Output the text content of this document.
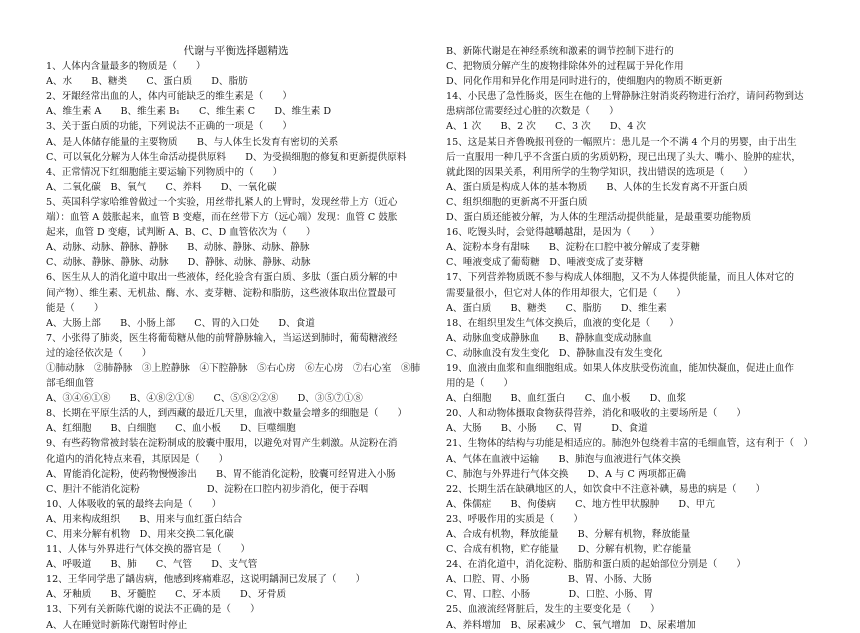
代谢与平衡选择题精选

1、人体内含量最多的物质是（　　）

A、水　　B、糖类　　C、蛋白质　　D、脂肪

2、牙龈经常出血的人，体内可能缺乏的维生素是（　　）

A、维生素 A　　B、维生素 B₁　　C、维生素 C　　D、维生素 D

3、关于蛋白质的功能，下列说法不正确的一项是（　　）

A、是人体储存能量的主要物质　　B、与人体生长发育有密切的关系

C、可以氧化分解为人体生命活动提供原料　　D、为受损细胞的修复和更新提供原料

4、正常情况下红细胞能主要运输下列物质中的（　　）

A、二氧化碳　B、氧气　　C、养料　　D、一氧化碳

5、英国科学家哈维曾做过一个实验，用丝带扎紧人的上臂时，发现丝带上方（近心

端）：血管 A 鼓胀起来，血管 B 变瘪，而在丝带下方（远心端）发现：血管 C 鼓胀

起来，血管 D 变瘪，试判断 A、B、C、D 血管依次为（　　）

A、动脉、动脉、静脉、静脉　　B、动脉、静脉、动脉、静脉

C、动脉、静脉、静脉、动脉　　D、静脉、动脉、静脉、动脉

6、医生从人的消化道中取出一些液体，经化验含有蛋白质、多肽（蛋白质分解的中

间产物）、维生素、无机盐、酶、水、麦芽糖、淀粉和脂肪，这些液体取出位置最可

能是（　　）

A、大肠上部　　B、小肠上部　　C、胃的入口处　　D、食道

7、小张得了肺炎，医生将葡萄糖从他的前臂静脉输入，当运送到肺时，葡萄糖液经

过的途径依次是（　　）

①肺动脉　②肺静脉　③上腔静脉　④下腔静脉　⑤右心房　⑥左心房　⑦右心室　⑧肺

部毛细血管

A、③④⑥①⑧　　B、④⑧②①⑧　　C、⑤⑧②②⑧　　D、③⑤⑦①⑧

8、长期在平原生活的人，到西藏的最近几天里，血液中数量会增多的细胞是（　　）

A、红细胞　　B、白细胞　　C、血小板　　D、巨噬细胞

9、有些药物常被封装在淀粉制成的胶囊中服用，以避免对胃产生刺激。从淀粉在消

化道内的消化特点来看，其原因是（　　）

A、胃能消化淀粉，使药物慢慢渗出　　B、胃不能消化淀粉，胶囊可经胃进入小肠

C、胆汁不能消化淀粉　　　　　　　D、淀粉在口腔内初步消化，便于吞咽

10、人体吸收的氧的最终去向是（　　）

A、用来构成组织　　B、用来与血红蛋白结合

C、用来分解有机物　D、用来交换二氧化碳

11、人体与外界进行气体交换的器官是（　　）

A、呼吸道　　B、肺　　C、气管　　D、支气管

12、王华同学患了龋齿病，他感到疼痛难忍，这说明龋洞已发展了（　　）

A、牙釉质　　B、牙髓腔　　C、牙本质　　D、牙骨质

13、下列有关新陈代谢的说法不正确的是（　　）

A、人在睡觉时新陈代谢暂时停止

B、新陈代谢是在神经系统和激素的调节控制下进行的

C、把物质分解产生的废物排除体外的过程属于异化作用

D、同化作用和异化作用是同时进行的，使细胞内的物质不断更新

14、小民患了急性肠炎，医生在他的上臂静脉注射消炎药物进行治疗，请问药物到达

患病部位需要经过心脏的次数是（　　）

A、1 次　　B、2 次　　C、3 次　　D、4 次

15、这是某日齐鲁晚报刊登的一幅照片：患儿是一个不满 4 个月的男婴，由于出生

后一直服用一种几乎不含蛋白质的劣质奶粉，现已出现了头大、嘴小、脸肿的症状，

就此图的因果关系，利用所学的生物学知识，找出错误的选项是（　　）

A、蛋白质是构成人体的基本物质　　B、人体的生长发育离不开蛋白质

C、组织细胞的更新离不开蛋白质

D、蛋白质还能被分解，为人体的生理活动提供能量，是最重要功能物质

16、吃馒头时，会觉得越嚼越甜，是因为（　　）

A、淀粉本身有甜味　　B、淀粉在口腔中被分解成了麦芽糖

C、唾液变成了葡萄糖　D、唾液变成了麦芽糖

17、下列营养物质既不参与构成人体细胞，又不为人体提供能量，而且人体对它的

需要量很小，但它对人体的作用却很大，它们是（　　）

A、蛋白质　　B、糖类　　C、脂肪　　D、维生素

18、在组织里发生气体交换后，血液的变化是（　　）

A、动脉血变成静脉血　　B、静脉血变成动脉血

C、动脉血没有发生变化　D、静脉血没有发生变化

19、血液由血浆和血细胞组成。如果人体皮肤受伤流血，能加快凝血，促进止血作

用的是（　　）

A、白细胞　　B、血红蛋白　　C、血小板　　D、血浆

20、人和动物体摄取食物获得营养，消化和吸收的主要场所是（　　）

A、大肠　　B、小肠　　C、胃　　　D、食道

21、生物体的结构与功能是相适应的。肺泡外包绕着丰富的毛细血管，这有利于（　）

A、气体在血液中运输　　B、肺泡与血液进行气体交换

C、肺泡与外界进行气体交换　　D、A 与 C 两项都正确

22、长期生活在缺碘地区的人，如饮食中不注意补碘，易患的病是（　　）

A、侏儒症　　B、佝偻病　　C、地方性甲状腺肿　　D、甲亢

23、呼吸作用的实质是（　　）

A、合成有机物，释放能量　　B、分解有机物，释放能量

C、合成有机物，贮存能量　　D、分解有机物，贮存能量

24、在消化道中，消化淀粉、脂肪和蛋白质的起始部位分别是（　　）

A、口腔、胃、小肠　　　　B、胃、小肠、大肠

C、胃、口腔、小肠　　　　D、口腔、小肠、胃

25、血液流经肾脏后，发生的主要变化是（　　）

A、养料增加　B、尿素减少　C、氧气增加　D、尿素增加
